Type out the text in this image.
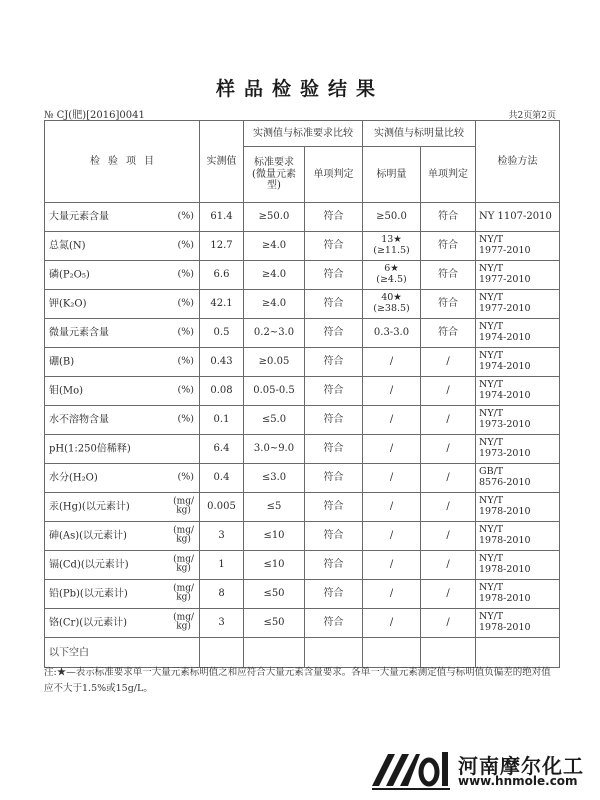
样品检验结果
№ CJ(肥)[2016]0041	共2页第2页
检验项目	实测值	实测值与标准要求比较		实测值与标明量比较		检验方法
		标准要求(微量元素型)	单项判定	标明量	单项判定	

大量元素含量 (%)	61.4	≥50.0	符合	≥50.0	符合	NY 1107-2010

总氮(N) (%)	12.7	≥4.0	符合	13★
(≥11.5)	符合	NY/T
1977-2010

磷(P₂O₅) (%)	6.6	≥4.0	符合	6★
(≥4.5)	符合	NY/T
1977-2010

钾(K₂O) (%)	42.1	≥4.0	符合	40★
(≥38.5)	符合	NY/T
1977-2010

微量元素含量 (%)	0.5	0.2~3.0	符合	0.3-3.0	符合	NY/T
1974-2010

硼(B) (%)	0.43	≥0.05	符合	/	/	NY/T
1974-2010

钼(Mo) (%)	0.08	0.05-0.5	符合	/	/	NY/T
1974-2010

水不溶物含量 (%)	0.1	≤5.0	符合	/	/	NY/T
1973-2010

pH(1:250倍稀释)	6.4	3.0~9.0	符合	/	/	NY/T
1973-2010

水分(H₂O) (%)	0.4	≤3.0	符合	/	/	GB/T
8576-2010

汞(Hg)(以元素计) (mg/
kg)	0.005	≤5	符合	/	/	NY/T
1978-2010

砷(As)(以元素计) (mg/
kg)	3	≤10	符合	/	/	NY/T
1978-2010

镉(Cd)(以元素计) (mg/
kg)	1	≤10	符合	/	/	NY/T
1978-2010

铅(Pb)(以元素计) (mg/
kg)	8	≤50	符合	/	/	NY/T
1978-2010

铬(Cr)(以元素计) (mg/
kg)	3	≤50	符合	/	/	NY/T
1978-2010

以下空白						

注:★—表示标准要求单一大量元素标明值之和应符合大量元素含量要求。各单一大量元素测定值与标明值负偏差的绝对值应不大于1.5%或15g/L。
河南摩尔化工
www.hnmole.com
